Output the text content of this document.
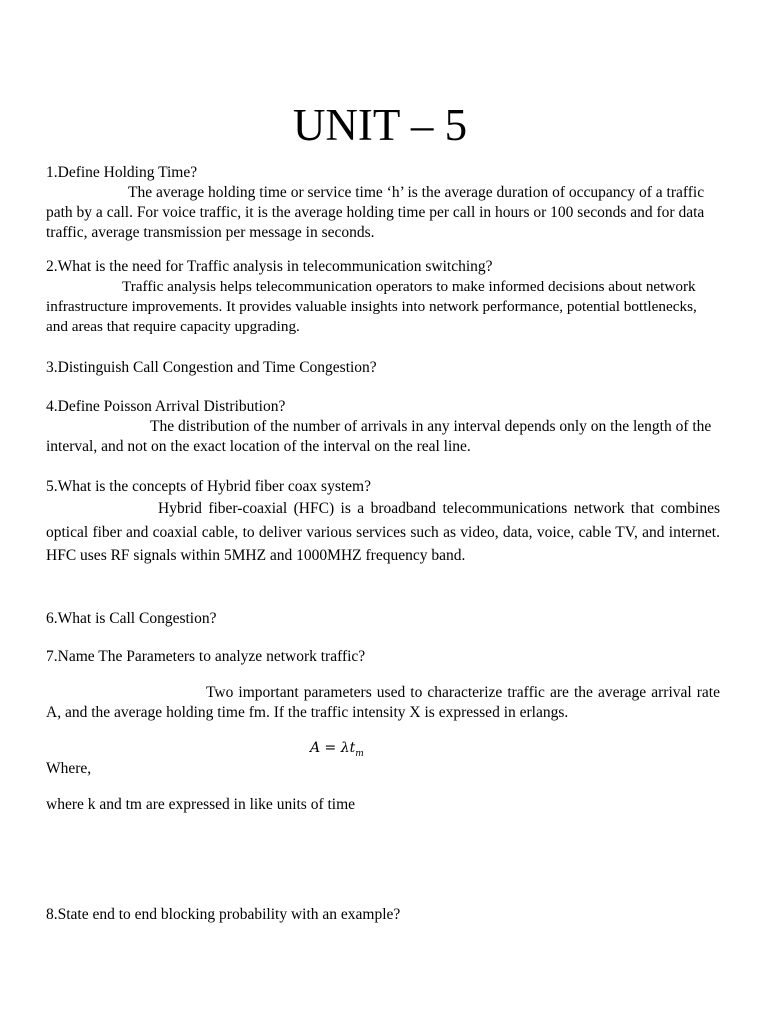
UNIT – 5
1.Define Holding Time?
The average holding time or service time ‘h’ is the average duration of occupancy of a traffic path by a call. For voice traffic, it is the average holding time per call in hours or 100 seconds and for data traffic, average transmission per message in seconds.
2.What is the need for Traffic analysis in telecommunication switching?
Traffic analysis helps telecommunication operators to make informed decisions about network infrastructure improvements. It provides valuable insights into network performance, potential bottlenecks, and areas that require capacity upgrading.
3.Distinguish Call Congestion and Time Congestion?
4.Define Poisson Arrival Distribution?
The distribution of the number of arrivals in any interval depends only on the length of the interval, and not on the exact location of the interval on the real line.
5.What is the concepts of Hybrid fiber coax system?
Hybrid fiber-coaxial (HFC) is a broadband telecommunications network that combines optical fiber and coaxial cable, to deliver various services such as video, data, voice, cable TV, and internet. HFC uses RF signals within 5MHZ and 1000MHZ frequency band.
6.What is Call Congestion?
7.Name The Parameters to analyze network traffic?
Two important parameters used to characterize traffic are the average arrival rate A, and the average holding time fm. If the traffic intensity X is expressed in erlangs.
$A = \lambda t_m$
Where,
where k and tm are expressed in like units of time
8.State end to end blocking probability with an example?
